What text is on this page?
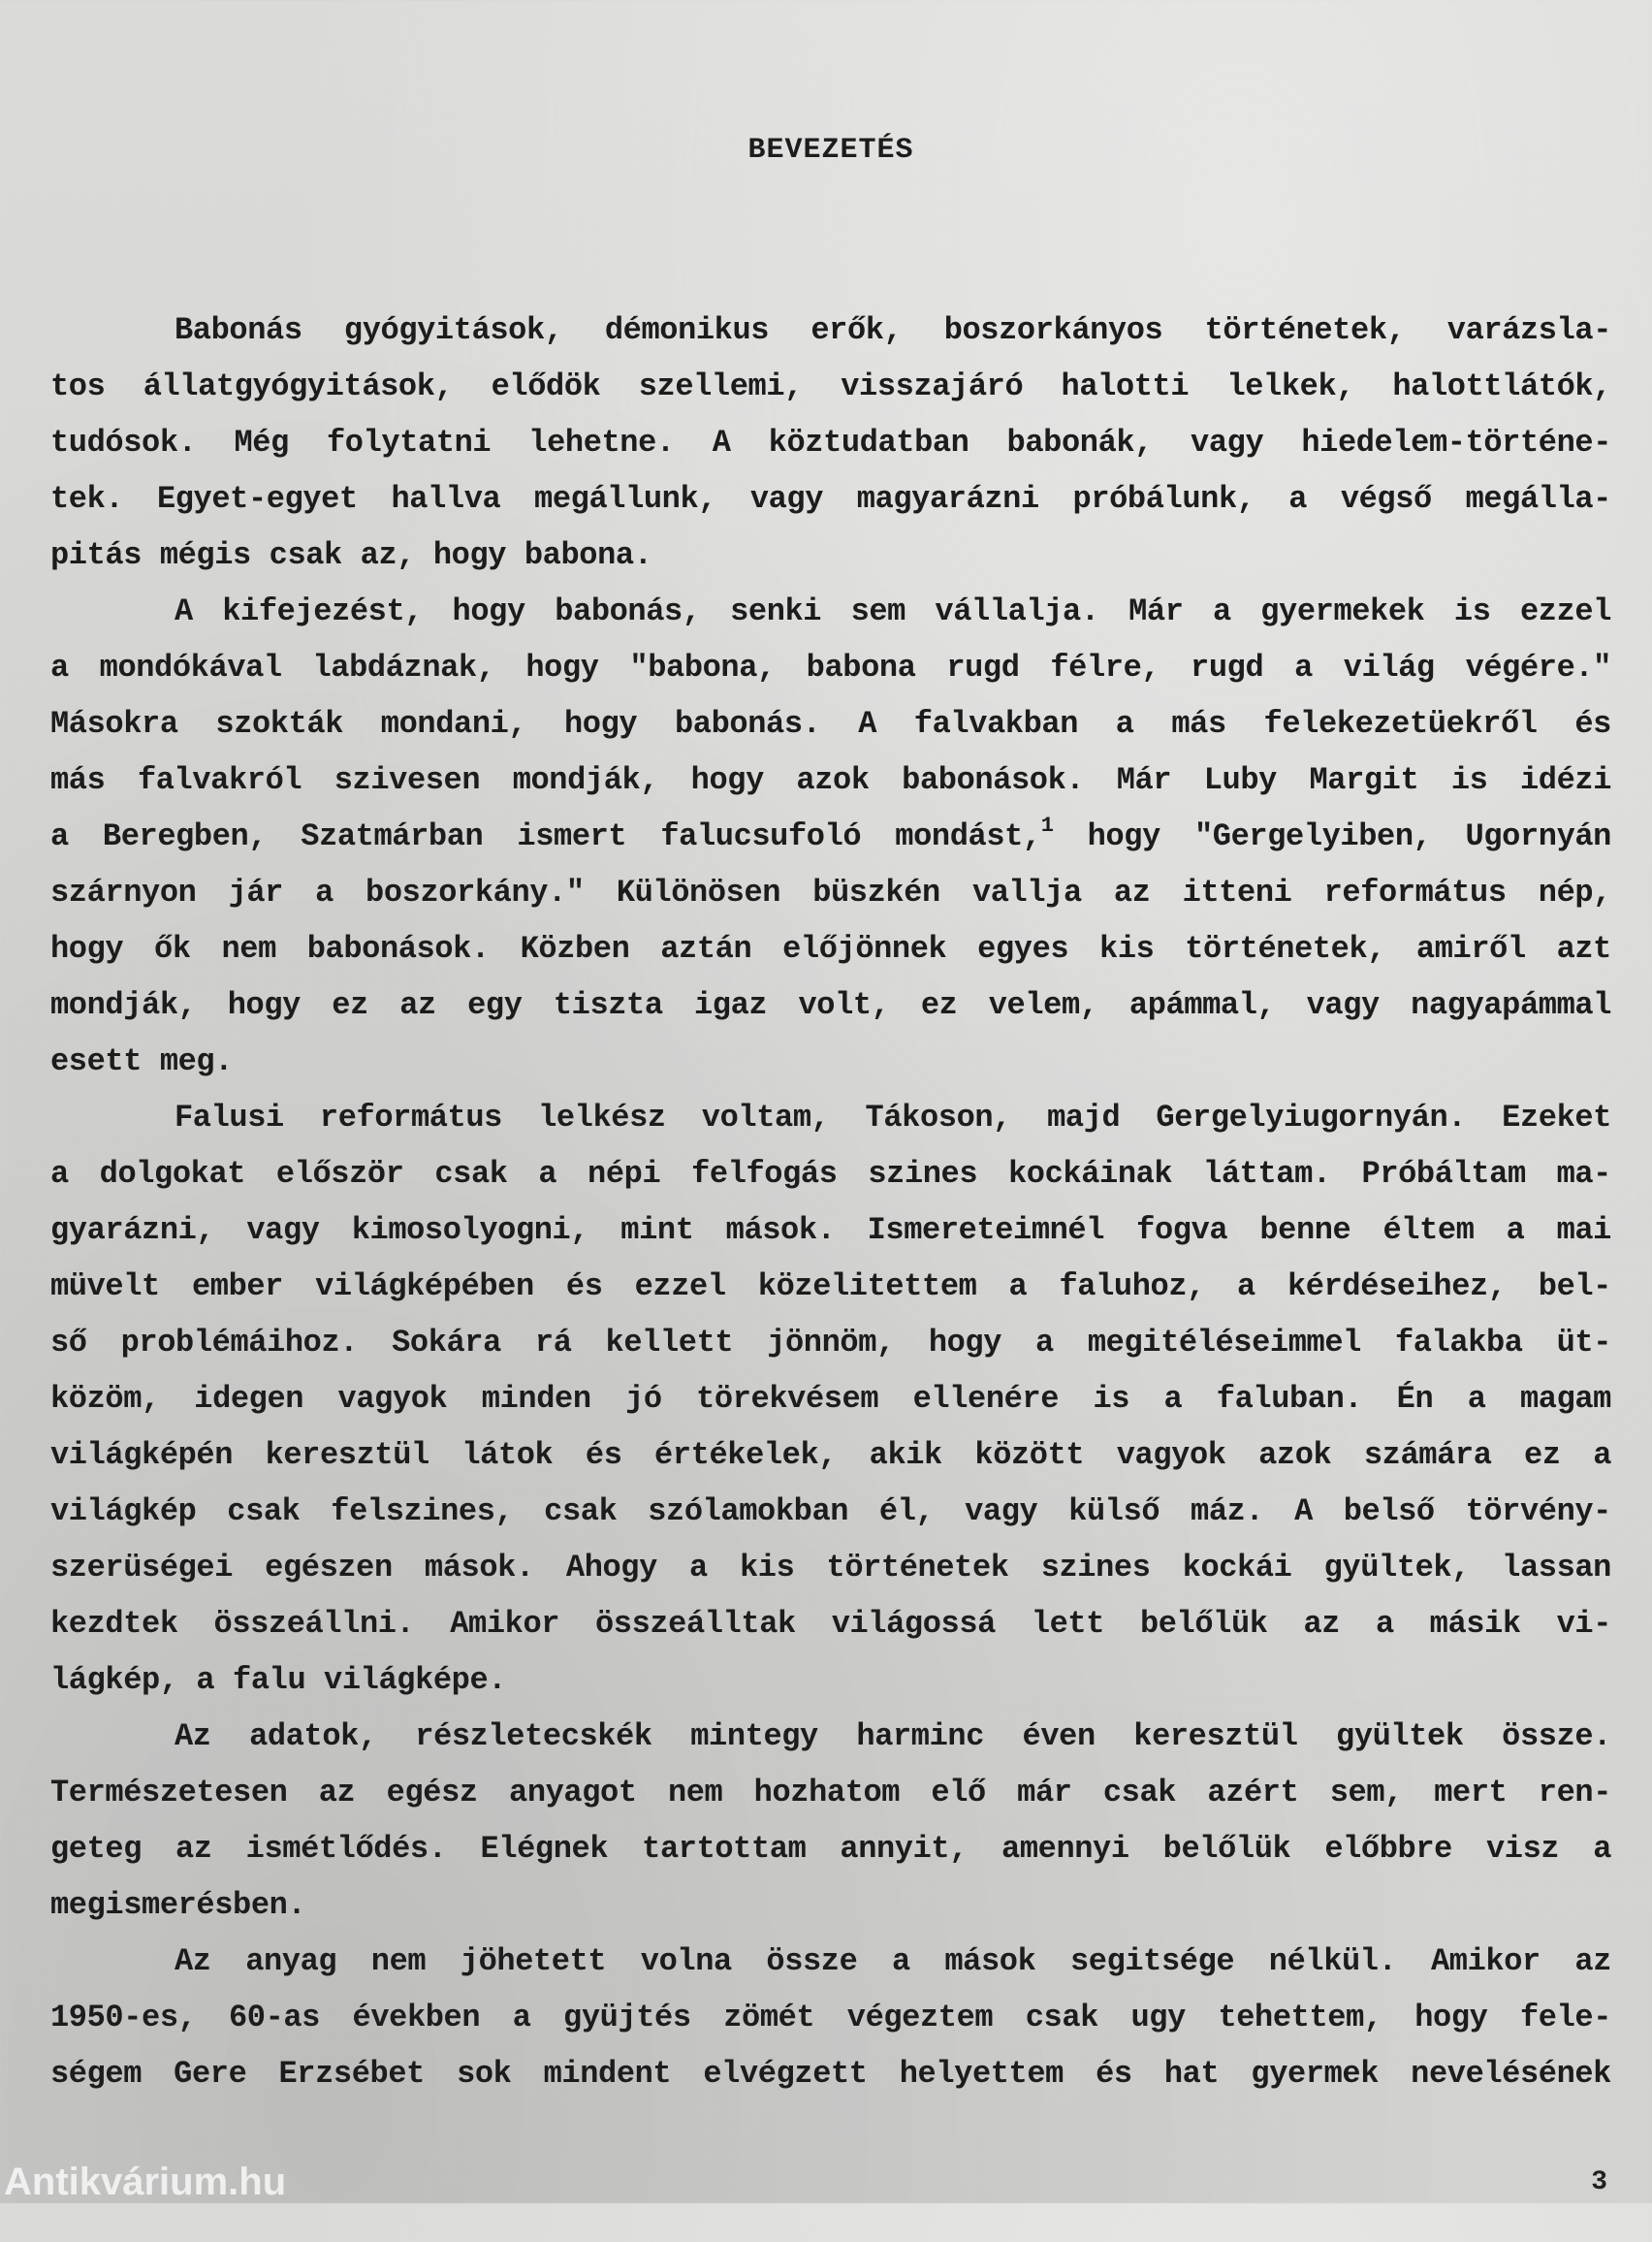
BEVEZETÉS
Babonás gyógyitások, démonikus erők, boszorkányos történetek, varázsla-
tos állatgyógyitások, elődök szellemi, visszajáró halotti lelkek, halottlátók,
tudósok. Még folytatni lehetne. A köztudatban babonák, vagy hiedelem-történe-
tek. Egyet-egyet hallva megállunk, vagy magyarázni próbálunk, a végső megálla-
pitás mégis csak az, hogy babona.
A kifejezést, hogy babonás, senki sem vállalja. Már a gyermekek is ezzel
a mondókával labdáznak, hogy "babona, babona rugd félre, rugd a világ végére."
Másokra szokták mondani, hogy babonás. A falvakban a más felekezetüekről és
más falvakról szivesen mondják, hogy azok babonások. Már Luby Margit is idézi
a Beregben, Szatmárban ismert falucsufoló mondást,$^1$ hogy "Gergelyiben, Ugornyán
szárnyon jár a boszorkány." Különösen büszkén vallja az itteni református nép,
hogy ők nem babonások. Közben aztán előjönnek egyes kis történetek, amiről azt
mondják, hogy ez az egy tiszta igaz volt, ez velem, apámmal, vagy nagyapámmal
esett meg.
Falusi református lelkész voltam, Tákoson, majd Gergelyiugornyán. Ezeket
a dolgokat először csak a népi felfogás szines kockáinak láttam. Próbáltam ma-
gyarázni, vagy kimosolyogni, mint mások. Ismereteimnél fogva benne éltem a mai
müvelt ember világképében és ezzel közelitettem a faluhoz, a kérdéseihez, bel-
ső problémáihoz. Sokára rá kellett jönnöm, hogy a megitéléseimmel falakba üt-
közöm, idegen vagyok minden jó törekvésem ellenére is a faluban. Én a magam
világképén keresztül látok és értékelek, akik között vagyok azok számára ez a
világkép csak felszines, csak szólamokban él, vagy külső máz. A belső törvény-
szerüségei egészen mások. Ahogy a kis történetek szines kockái gyültek, lassan
kezdtek összeállni. Amikor összeálltak világossá lett belőlük az a másik vi-
lágkép, a falu világképe.
Az adatok, részletecskék mintegy harminc éven keresztül gyültek össze.
Természetesen az egész anyagot nem hozhatom elő már csak azért sem, mert ren-
geteg az ismétlődés. Elégnek tartottam annyit, amennyi belőlük előbbre visz a
megismerésben.
Az anyag nem jöhetett volna össze a mások segitsége nélkül. Amikor az
1950-es, 60-as években a gyüjtés zömét végeztem csak ugy tehettem, hogy fele-
ségem Gere Erzsébet sok mindent elvégzett helyettem és hat gyermek nevelésének
Antikvárium.hu	3
